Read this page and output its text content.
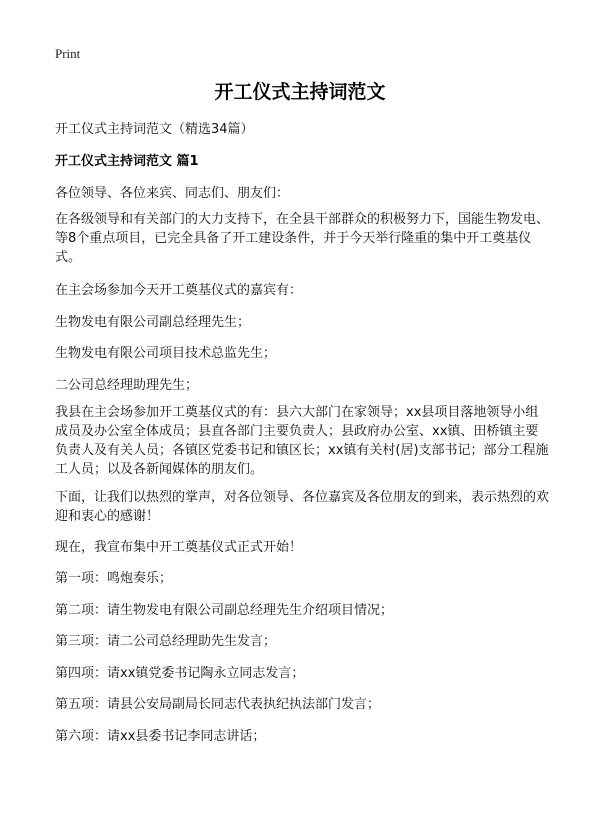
Print
开工仪式主持词范文

开工仪式主持词范文（精选34篇）

开工仪式主持词范文 篇1

各位领导、各位来宾、同志们、朋友们：

在各级领导和有关部门的大力支持下，在全县干部群众的积极努力下，国能生物发电、等8个重点项目，已完全具备了开工建设条件，并于今天举行隆重的集中开工奠基仪式。

在主会场参加今天开工奠基仪式的嘉宾有：

生物发电有限公司副总经理先生；

生物发电有限公司项目技术总监先生；

二公司总经理助理先生；

我县在主会场参加开工奠基仪式的有：县六大部门在家领导；xx县项目落地领导小组成员及办公室全体成员；县直各部门主要负责人；县政府办公室、xx镇、田桥镇主要负责人及有关人员；各镇区党委书记和镇区长；xx镇有关村(居)支部书记；部分工程施工人员；以及各新闻媒体的朋友们。

下面，让我们以热烈的掌声，对各位领导、各位嘉宾及各位朋友的到来，表示热烈的欢迎和衷心的感谢！

现在，我宣布集中开工奠基仪式正式开始！

第一项：鸣炮奏乐；

第二项：请生物发电有限公司副总经理先生介绍项目情况；

第三项：请二公司总经理助先生发言；

第四项：请xx镇党委书记陶永立同志发言；

第五项：请县公安局副局长同志代表执纪执法部门发言；

第六项：请xx县委书记李同志讲话；
